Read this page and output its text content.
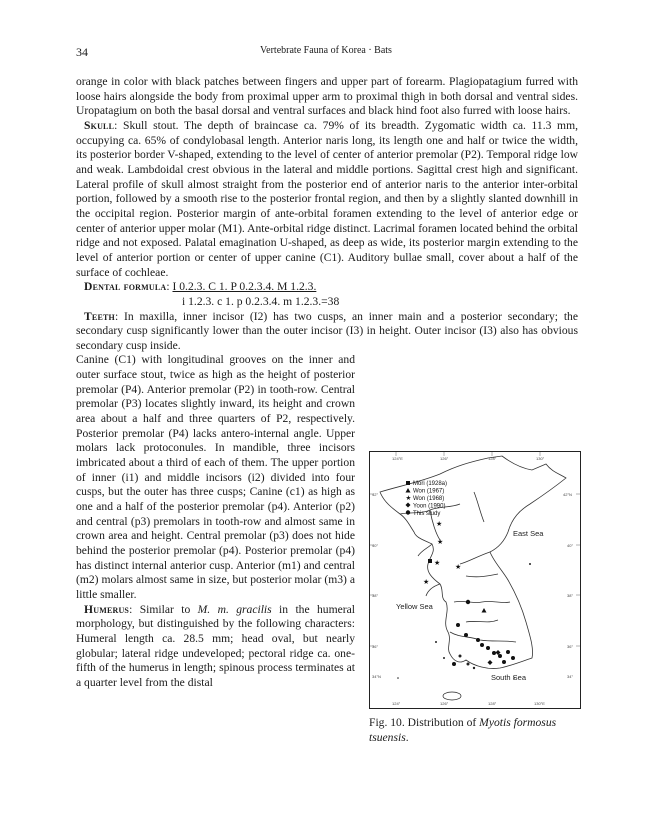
34	Vertebrate Fauna of Korea · Bats

orange in color with black patches between fingers and upper part of forearm. Plagiopatagium furred with loose hairs alongside the body from proximal upper arm to proximal thigh in both dorsal and ventral sides. Uropatagium on both the basal dorsal and ventral surfaces and black hind foot also furred with loose hairs.

Skull: Skull stout. The depth of braincase ca. 79% of its breadth. Zygomatic width ca. 11.3 mm, occupying ca. 65% of condylobasal length. Anterior naris long, its length one and half or twice the width, its posterior border V-shaped, extending to the level of center of anterior premolar (P2). Temporal ridge low and weak. Lambdoidal crest obvious in the lateral and middle portions. Sagittal crest high and significant. Lateral profile of skull almost straight from the posterior end of anterior naris to the anterior inter-orbital portion, followed by a smooth rise to the posterior frontal region, and then by a slightly slanted downhill in the occipital region. Posterior margin of ante-orbital foramen extending to the level of anterior edge or center of anterior upper molar (M1). Ante-orbital ridge distinct. Lacrimal foramen located behind the orbital ridge and not exposed. Palatal emagination U-shaped, as deep as wide, its posterior margin extending to the level of anterior portion or center of upper canine (C1). Auditory bullae small, cover about a half of the surface of cochleae.

Dental formula: I 0.2.3. C 1. P 0.2.3.4. M 1.2.3.
i 1.2.3. c 1. p 0.2.3.4. m 1.2.3.=38

Teeth: In maxilla, inner incisor (I2) has two cusps, an inner main and a posterior secondary; the secondary cusp significantly lower than the outer incisor (I3) in height. Outer incisor (I3) also has obvious secondary cusp inside.

Canine (C1) with longitudinal grooves on the inner and outer surface stout, twice as high as the height of posterior premolar (P4). Anterior premolar (P2) in tooth-row. Central premolar (P3) locates slightly inward, its height and crown area about a half and three quarters of P2, respectively. Posterior premolar (P4) lacks antero-internal angle. Upper molars lack protoconules. In mandible, three incisors imbricated about a third of each of them. The upper portion of inner (i1) and middle incisors (i2) divided into four cusps, but the outer has three cusps; Canine (c1) as high as one and a half of the posterior premolar (p4). Anterior (p2) and central (p3) premolars in tooth-row and almost same in crown area and height. Central premolar (p3) does not hide behind the posterior premolar (p4). Posterior premolar (p4) has distinct internal anterior cusp. Anterior (m1) and central (m2) molars almost same in size, but posterior molar (m3) a little smaller.

Humerus: Similar to M. m. gracilis in the humeral morphology, but distinguished by the following characters: Humeral length ca. 28.5 mm; head oval, but nearly globular; lateral ridge undeveloped; pectoral ridge ca. one-fifth of the humerus in length; spinous process terminates at a quarter level from the distal

124°E	126°	128°	130°
124°	126°	128°	130°E
42°
40°
38°
36°
34°N
42°N
40°
38°
36°
34°
Mori (1928a)
Won (1967)
★ Won (1968)
Yoon (1990)
This study
East Sea
Yellow Sea
South Sea
★
★
★
★
★
Fig. 10. Distribution of Myotis formosus tsuensis.
